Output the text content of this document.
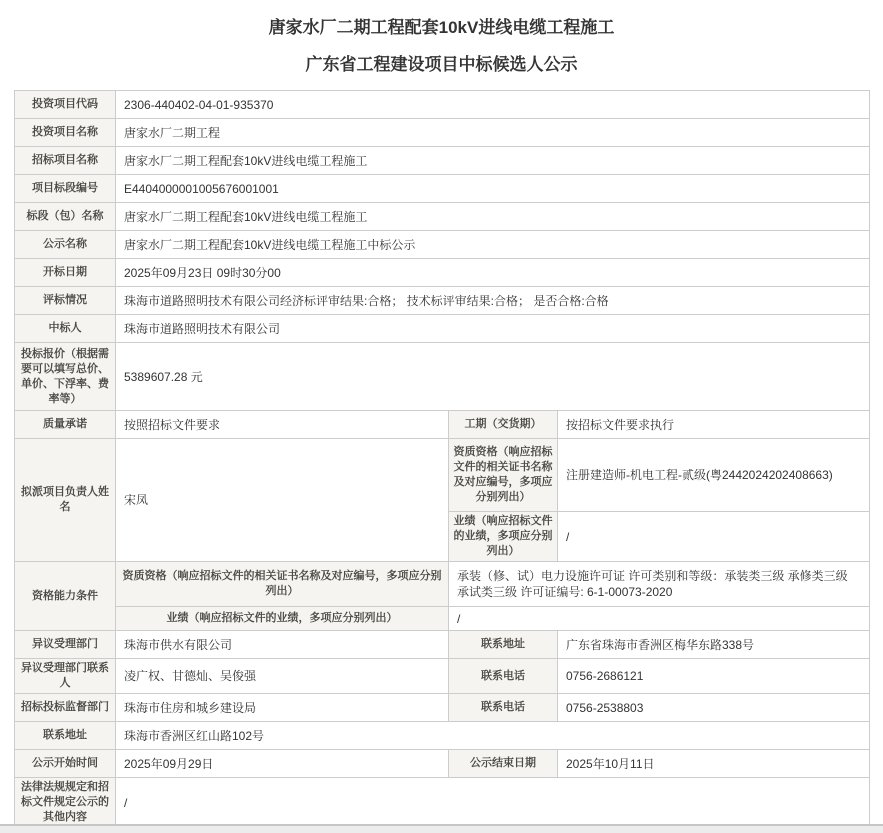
唐家水厂二期工程配套10kV进线电缆工程施工
广东省工程建设项目中标候选人公示
投资项目代码	2306-440402-04-01-935370		
投资项目名称	唐家水厂二期工程		
招标项目名称	唐家水厂二期工程配套10kV进线电缆工程施工		
项目标段编号	E4404000001005676001001		
标段（包）名称	唐家水厂二期工程配套10kV进线电缆工程施工		
公示名称	唐家水厂二期工程配套10kV进线电缆工程施工中标公示		
开标日期	2025年09月23日 09时30分00		
评标情况	珠海市道路照明技术有限公司经济标评审结果:合格； 技术标评审结果:合格； 是否合格:合格		
中标人	珠海市道路照明技术有限公司		
投标报价（根据需要可以填写总价、单价、下浮率、费率等）	5389607.28 元		
质量承诺	按照招标文件要求	工期（交货期）	按招标文件要求执行
拟派项目负责人姓名	宋凤	资质资格（响应招标文件的相关证书名称及对应编号，多项应分别列出）	注册建造师-机电工程-贰级(粤2442024202408663)
		业绩（响应招标文件的业绩，多项应分别列出）	/
资格能力条件	资质资格（响应招标文件的相关证书名称及对应编号，多项应分别列出）	承装（修、试）电力设施许可证 许可类别和等级：承装类三级 承修类三级 承试类三级 许可证编号: 6-1-00073-2020	
	业绩（响应招标文件的业绩，多项应分别列出）	/	
异议受理部门	珠海市供水有限公司	联系地址	广东省珠海市香洲区梅华东路338号
异议受理部门联系人	凌广权、甘德灿、吴俊强	联系电话	0756-2686121
招标投标监督部门	珠海市住房和城乡建设局	联系电话	0756-2538803
联系地址	珠海市香洲区红山路102号		
公示开始时间	2025年09月29日	公示结束日期	2025年10月11日
法律法规规定和招标文件规定公示的其他内容	/		
